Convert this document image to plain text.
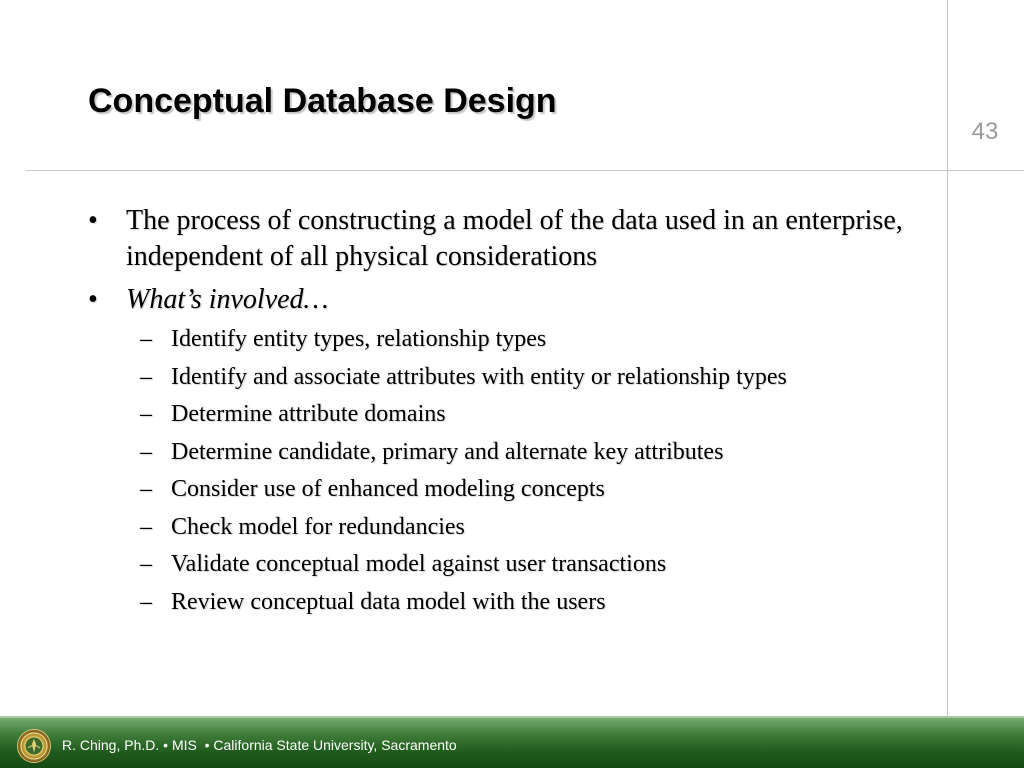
Conceptual Database Design
43
•	The process of constructing a model of the data used in an enterprise, independent of all physical considerations
•	What’s involved…
– Identify entity types, relationship types
– Identify and associate attributes with entity or relationship types
– Determine attribute domains
– Determine candidate, primary and alternate key attributes
– Consider use of enhanced modeling concepts
– Check model for redundancies
– Validate conceptual model against user transactions
– Review conceptual data model with the users
R. Ching, Ph.D. • MIS  • California State University, Sacramento
